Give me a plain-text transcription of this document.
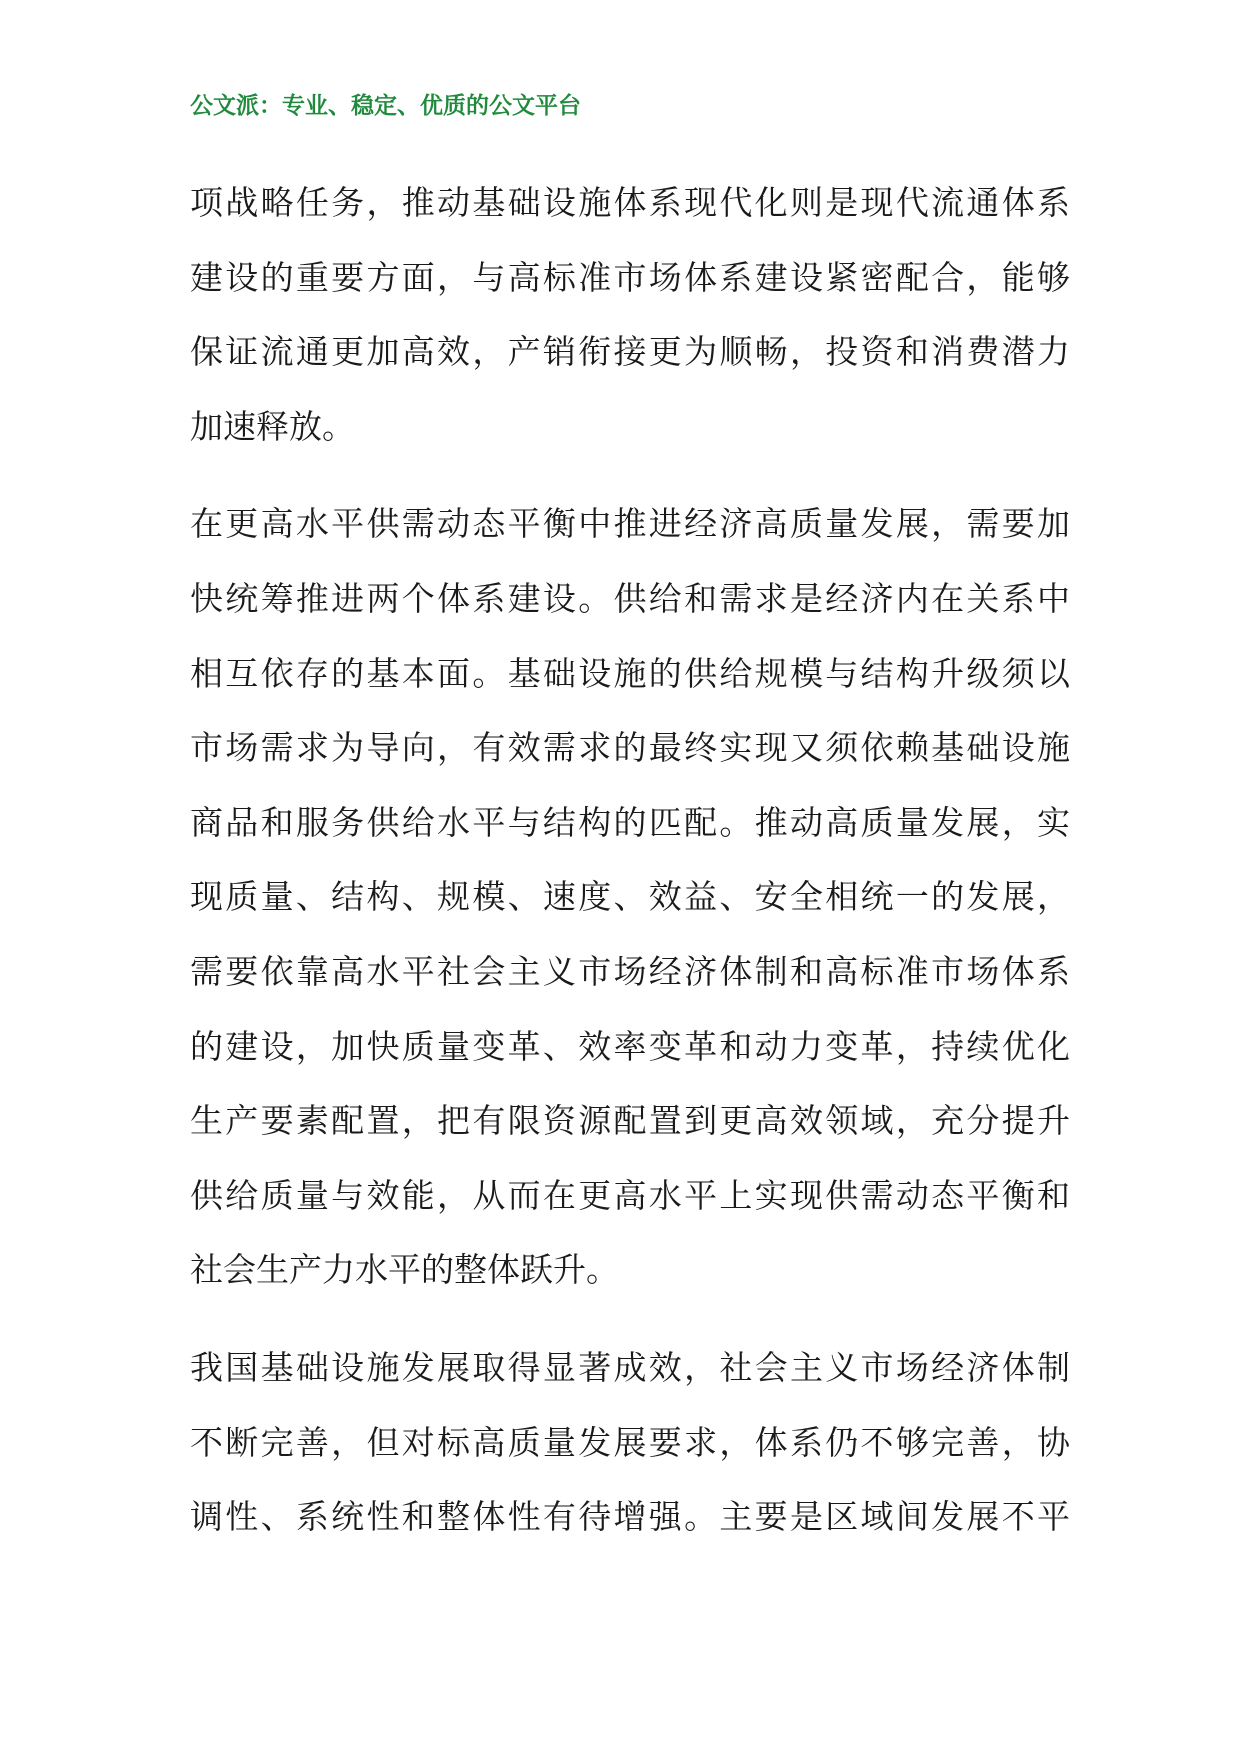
公文派：专业、稳定、优质的公文平台
项战略任务，推动基础设施体系现代化则是现代流通体系
建设的重要方面，与高标准市场体系建设紧密配合，能够
保证流通更加高效，产销衔接更为顺畅，投资和消费潜力
加速释放。
在更高水平供需动态平衡中推进经济高质量发展，需要加
快统筹推进两个体系建设。供给和需求是经济内在关系中
相互依存的基本面。基础设施的供给规模与结构升级须以
市场需求为导向，有效需求的最终实现又须依赖基础设施
商品和服务供给水平与结构的匹配。推动高质量发展，实
现质量、结构、规模、速度、效益、安全相统一的发展，
需要依靠高水平社会主义市场经济体制和高标准市场体系
的建设，加快质量变革、效率变革和动力变革，持续优化
生产要素配置，把有限资源配置到更高效领域，充分提升
供给质量与效能，从而在更高水平上实现供需动态平衡和
社会生产力水平的整体跃升。
我国基础设施发展取得显著成效，社会主义市场经济体制
不断完善，但对标高质量发展要求，体系仍不够完善，协
调性、系统性和整体性有待增强。主要是区域间发展不平
